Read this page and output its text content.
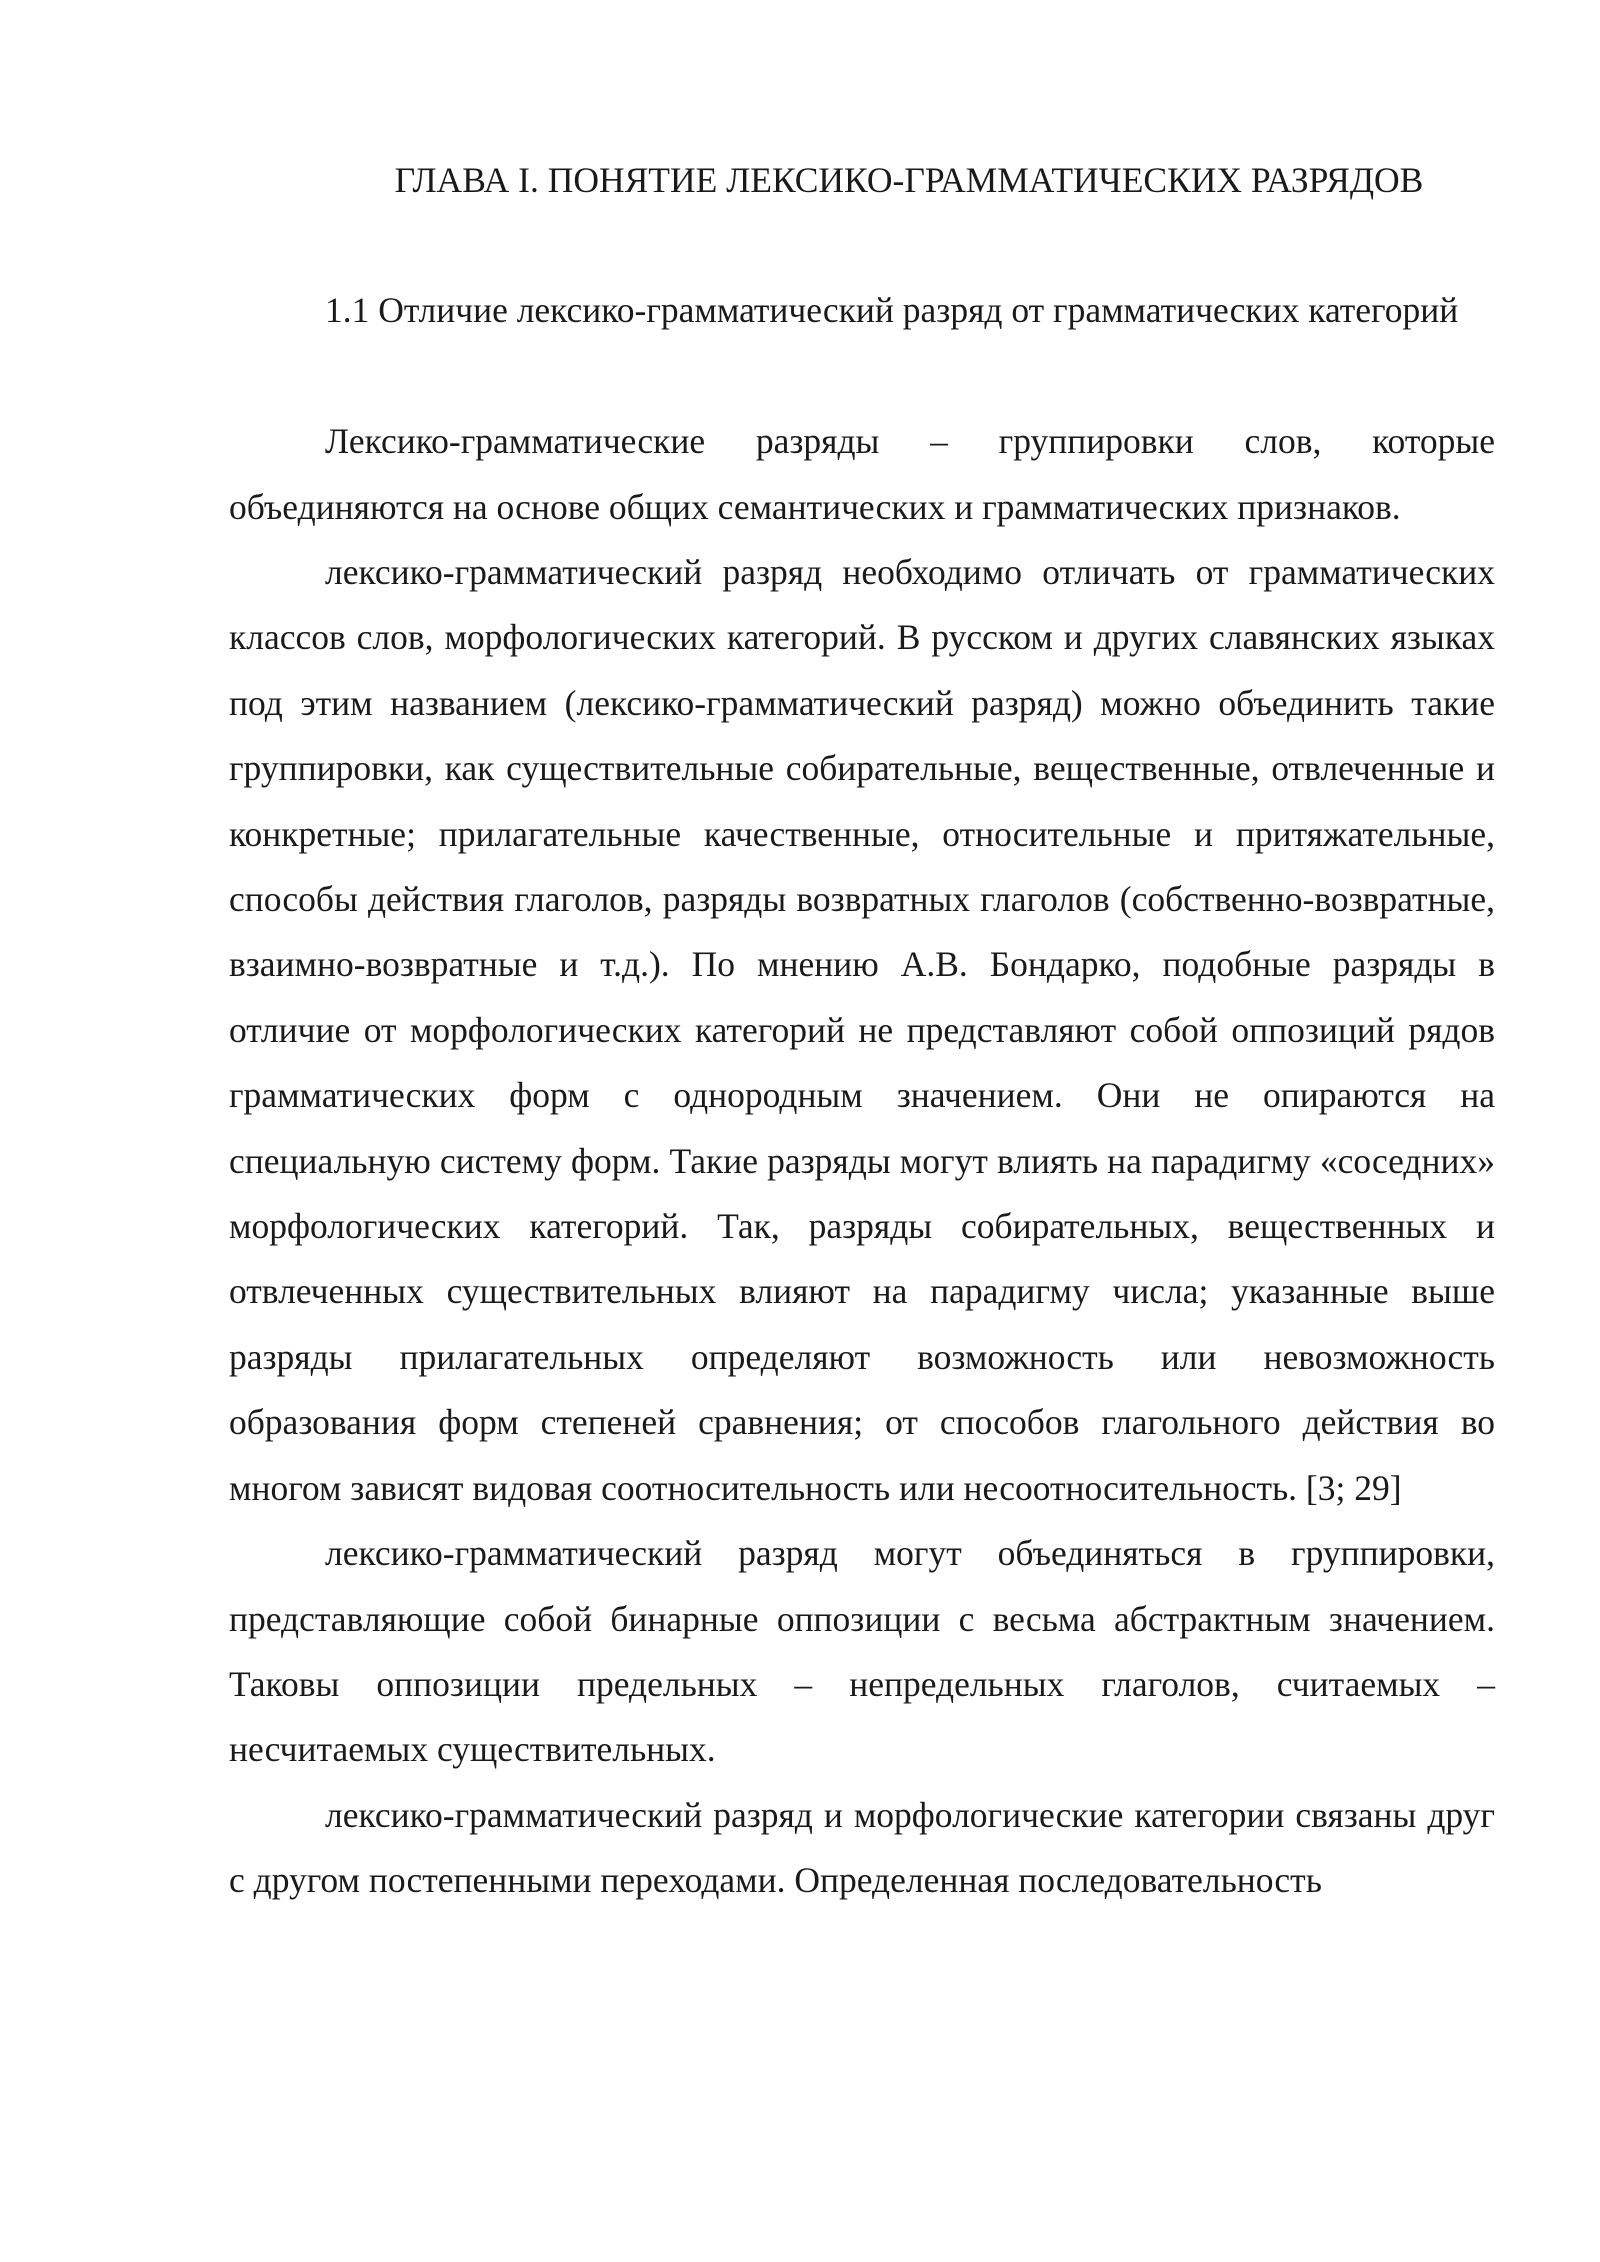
ГЛАВА I. ПОНЯТИЕ ЛЕКСИКО-ГРАММАТИЧЕСКИХ РАЗРЯДОВ
1.1 Отличие лексико-грамматический разряд от грамматических категорий

Лексико-грамматические разряды – группировки слов, которые объединяются на основе общих семантических и грамматических признаков.

лексико-грамматический разряд необходимо отличать от грамматических классов слов, морфологических категорий. В русском и других славянских языках под этим названием (лексико-грамматический разряд) можно объединить такие группировки, как существительные собирательные, вещественные, отвлеченные и конкретные; прилагательные качественные, относительные и притяжательные, способы действия глаголов, разряды возвратных глаголов (собственно-возвратные, взаимно-возвратные и т.д.). По мнению А.В. Бондарко, подобные разряды в отличие от морфологических категорий не представляют собой оппозиций рядов грамматических форм с однородным значением. Они не опираются на специальную систему форм. Такие разряды могут влиять на парадигму «соседних» морфологических категорий. Так, разряды собирательных, вещественных и отвлеченных существительных влияют на парадигму числа; указанные выше разряды прилагательных определяют возможность или невозможность образования форм степеней сравнения; от способов глагольного действия во многом зависят видовая соотносительность или несоотносительность. [3; 29]

лексико-грамматический разряд могут объединяться в группировки, представляющие собой бинарные оппозиции с весьма абстрактным значением. Таковы оппозиции предельных – непредельных глаголов, считаемых – несчитаемых существительных.

лексико-грамматический разряд и морфологические категории связаны друг с другом постепенными переходами. Определенная последовательность
